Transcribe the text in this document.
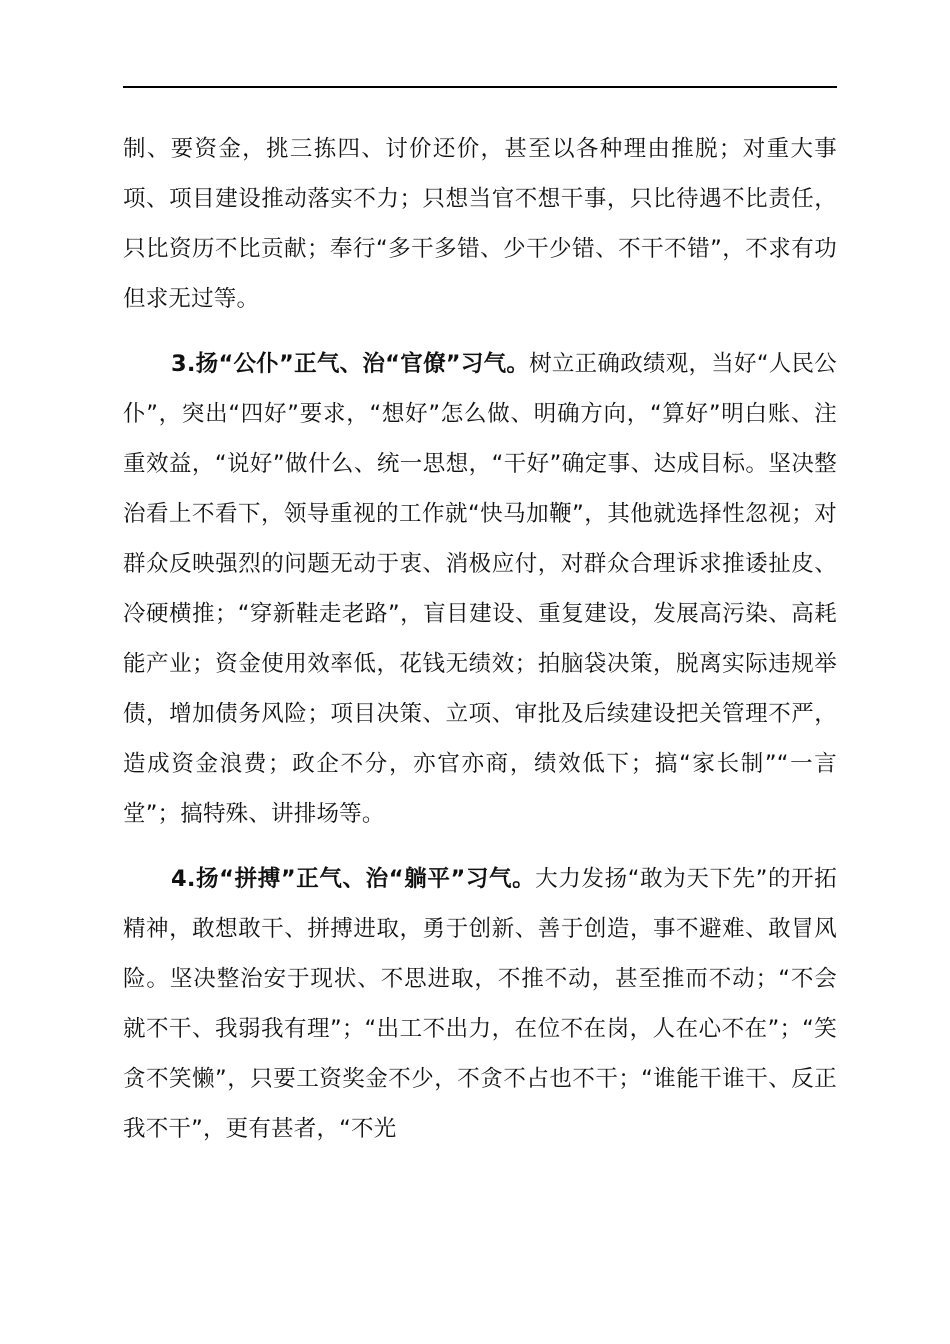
制、要资金，挑三拣四、讨价还价，甚至以各种理由推脱；对重大事项、项目建设推动落实不力；只想当官不想干事，只比待遇不比责任，只比资历不比贡献；奉行“多干多错、少干少错、不干不错”，不求有功但求无过等。

3.扬“公仆”正气、治“官僚”习气。树立正确政绩观，当好“人民公仆”，突出“四好”要求，“想好”怎么做、明确方向，“算好”明白账、注重效益，“说好”做什么、统一思想，“干好”确定事、达成目标。坚决整治看上不看下，领导重视的工作就“快马加鞭”，其他就选择性忽视；对群众反映强烈的问题无动于衷、消极应付，对群众合理诉求推诿扯皮、冷硬横推；“穿新鞋走老路”，盲目建设、重复建设，发展高污染、高耗能产业；资金使用效率低，花钱无绩效；拍脑袋决策，脱离实际违规举债，增加债务风险；项目决策、立项、审批及后续建设把关管理不严，造成资金浪费；政企不分，亦官亦商，绩效低下；搞“家长制”“一言堂”；搞特殊、讲排场等。

4.扬“拼搏”正气、治“躺平”习气。大力发扬“敢为天下先”的开拓精神，敢想敢干、拼搏进取，勇于创新、善于创造，事不避难、敢冒风险。坚决整治安于现状、不思进取，不推不动，甚至推而不动；“不会就不干、我弱我有理”；“出工不出力，在位不在岗，人在心不在”；“笑贪不笑懒”，只要工资奖金不少，不贪不占也不干；“谁能干谁干、反正我不干”，更有甚者，“不光
